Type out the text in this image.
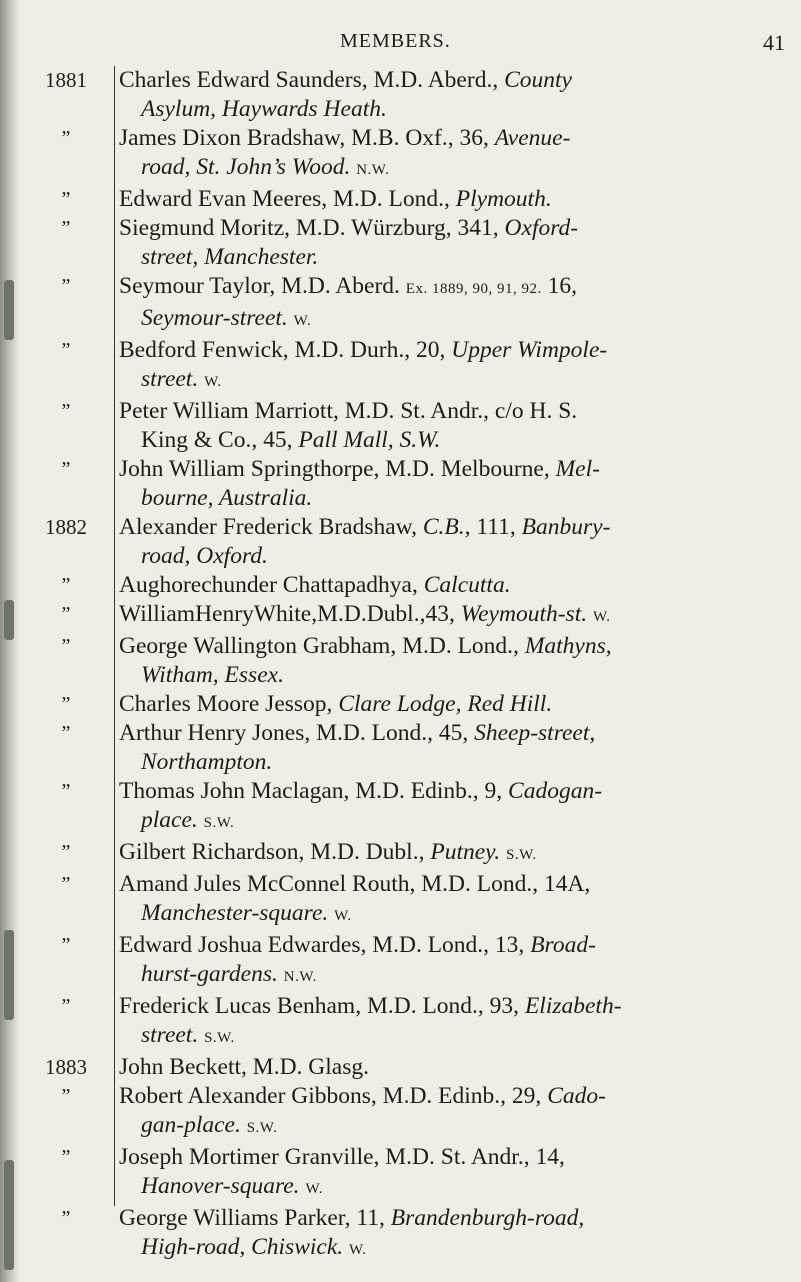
MEMBERS.	41
1881	Charles Edward Saunders, M.D. Aberd., County
Asylum, Haywards Heath.
”	James Dixon Bradshaw, M.B. Oxf., 36, Avenue-
road, St. John’s Wood. N.W.
”	Edward Evan Meeres, M.D. Lond., Plymouth.
”	Siegmund Moritz, M.D. Würzburg, 341, Oxford-
street, Manchester.
”	Seymour Taylor, M.D. Aberd. Ex. 1889, 90, 91, 92. 16,
Seymour-street. W.
”	Bedford Fenwick, M.D. Durh., 20, Upper Wimpole-
street. W.
”	Peter William Marriott, M.D. St. Andr., c/o H. S.
King & Co., 45, Pall Mall, S.W.
”	John William Springthorpe, M.D. Melbourne, Mel-
bourne, Australia.
1882	Alexander Frederick Bradshaw, C.B., 111, Banbury-
road, Oxford.
”	Aughorechunder Chattapadhya, Calcutta.
”	WilliamHenryWhite,M.D.Dubl.,43, Weymouth-st. W.
”	George Wallington Grabham, M.D. Lond., Mathyns,
Witham, Essex.
”	Charles Moore Jessop, Clare Lodge, Red Hill.
”	Arthur Henry Jones, M.D. Lond., 45, Sheep-street,
Northampton.
”	Thomas John Maclagan, M.D. Edinb., 9, Cadogan-
place. S.W.
”	Gilbert Richardson, M.D. Dubl., Putney. S.W.
”	Amand Jules McConnel Routh, M.D. Lond., 14A,
Manchester-square. W.
”	Edward Joshua Edwardes, M.D. Lond., 13, Broad-
hurst-gardens. N.W.
”	Frederick Lucas Benham, M.D. Lond., 93, Elizabeth-
street. S.W.
1883	John Beckett, M.D. Glasg.
”	Robert Alexander Gibbons, M.D. Edinb., 29, Cado-
gan-place. S.W.
”	Joseph Mortimer Granville, M.D. St. Andr., 14,
Hanover-square. W.
”	George Williams Parker, 11, Brandenburgh-road,
High-road, Chiswick. W.
